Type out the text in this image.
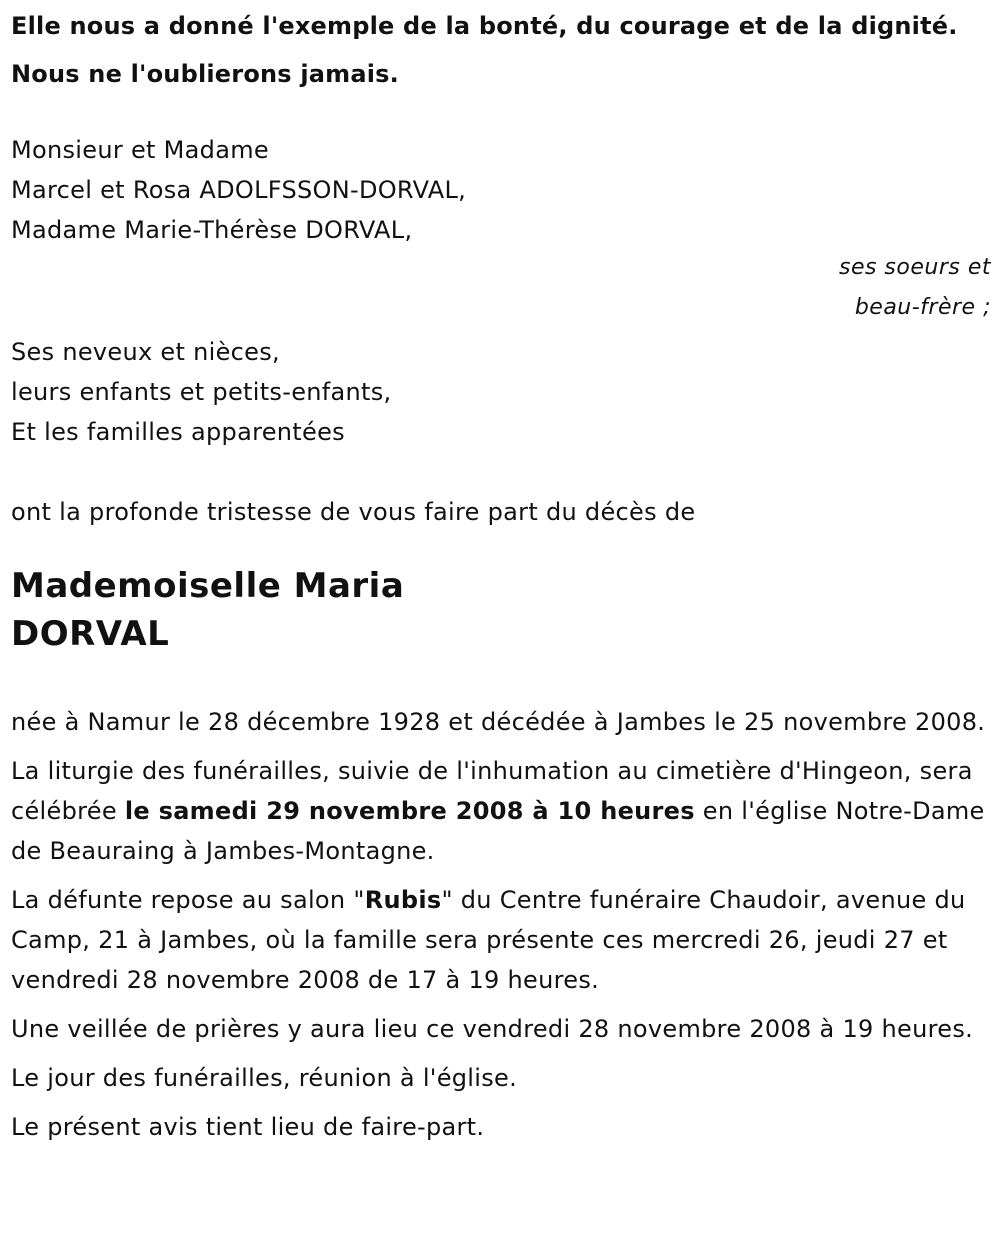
Elle nous a donné l'exemple de la bonté, du courage et de la dignité.
Nous ne l'oublierons jamais.
Monsieur et Madame
Marcel et Rosa ADOLFSSON-DORVAL,
Madame Marie-Thérèse DORVAL,
ses soeurs et
beau-frère ;
Ses neveux et nièces,
leurs enfants et petits-enfants,
Et les familles apparentées
ont la profonde tristesse de vous faire part du décès de
Mademoiselle Maria
DORVAL

née à Namur le 28 décembre 1928 et décédée à Jambes le 25 novembre 2008.

La liturgie des funérailles, suivie de l'inhumation au cimetière d'Hingeon, sera célébrée le samedi 29 novembre 2008 à 10 heures en l'église Notre-Dame de Beauraing à Jambes-Montagne.

La défunte repose au salon "Rubis" du Centre funéraire Chaudoir, avenue du Camp, 21 à Jambes, où la famille sera présente ces mercredi 26, jeudi 27 et vendredi 28 novembre 2008 de 17 à 19 heures.

Une veillée de prières y aura lieu ce vendredi 28 novembre 2008 à 19 heures.

Le jour des funérailles, réunion à l'église.

Le présent avis tient lieu de faire-part.
